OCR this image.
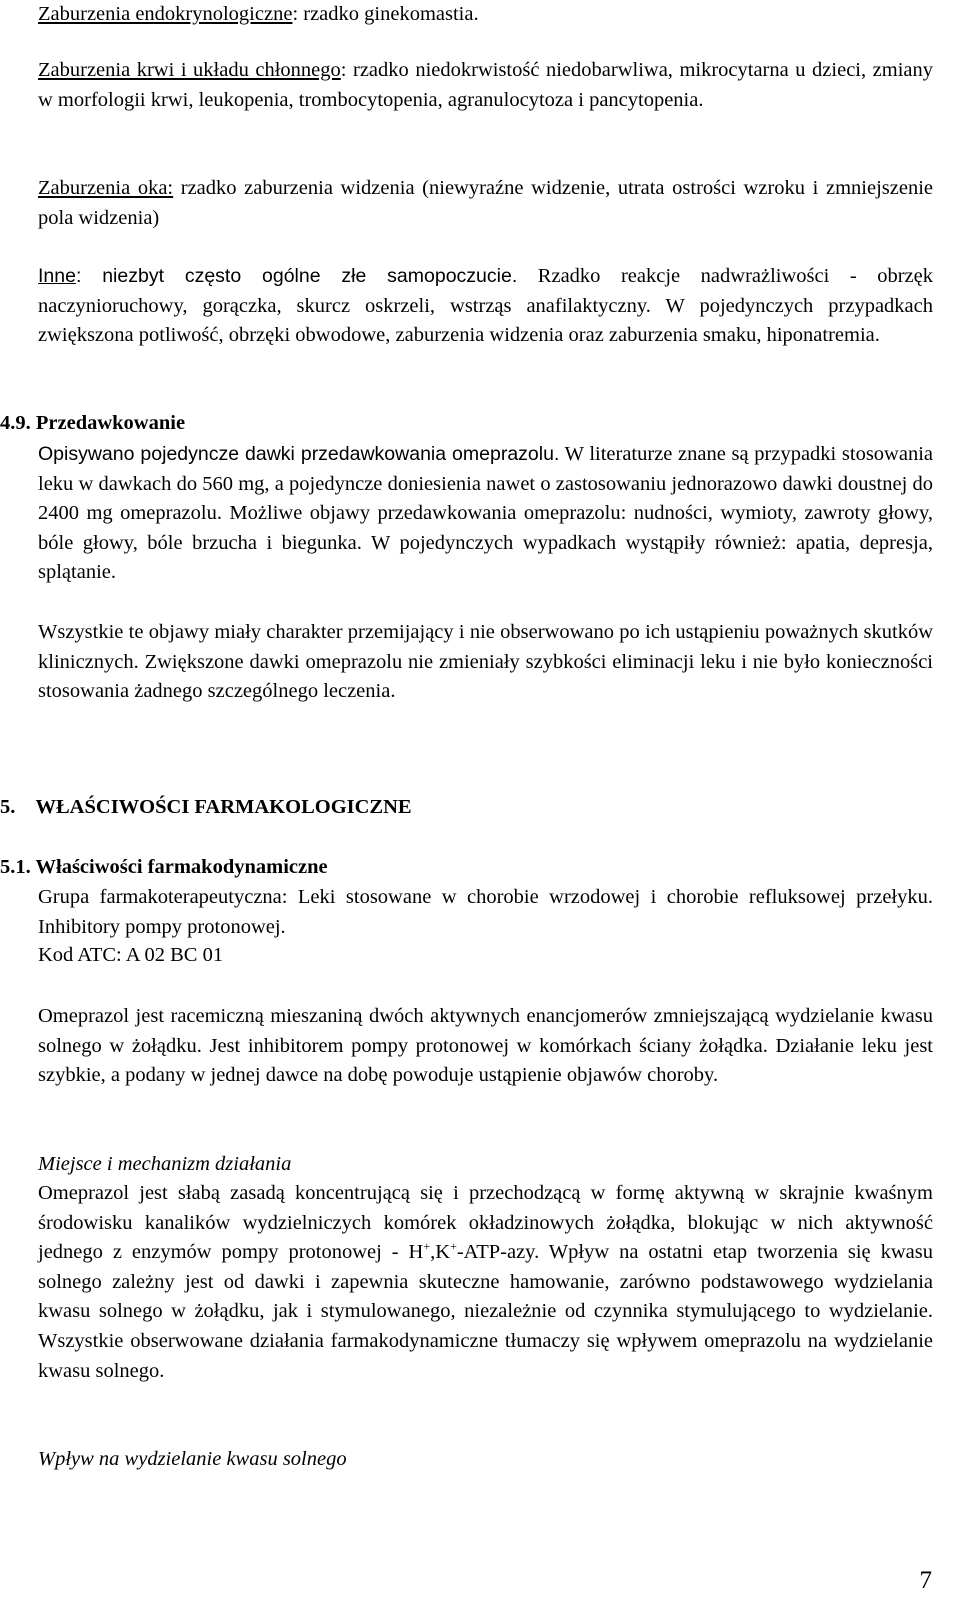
Zaburzenia endokrynologiczne: rzadko ginekomastia.
Zaburzenia krwi i układu chłonnego: rzadko niedokrwistość niedobarwliwa, mikrocytarna u dzieci, zmiany w morfologii krwi, leukopenia, trombocytopenia, agranulocytoza i pancytopenia.
Zaburzenia oka: rzadko zaburzenia widzenia (niewyraźne widzenie, utrata ostrości wzroku i zmniejszenie pola widzenia)
Inne: niezbyt często ogólne złe samopoczucie. Rzadko reakcje nadwrażliwości - obrzęk naczynioruchowy, gorączka, skurcz oskrzeli, wstrząs anafilaktyczny. W pojedynczych przypadkach zwiększona potliwość, obrzęki obwodowe, zaburzenia widzenia oraz zaburzenia smaku, hiponatremia.
4.9. Przedawkowanie
Opisywano pojedyncze dawki przedawkowania omeprazolu. W literaturze znane są przypadki stosowania leku w dawkach do 560 mg, a pojedyncze doniesienia nawet o zastosowaniu jednorazowo dawki doustnej do 2400 mg omeprazolu. Możliwe objawy przedawkowania omeprazolu: nudności, wymioty, zawroty głowy, bóle głowy, bóle brzucha i biegunka. W pojedynczych wypadkach wystąpiły również: apatia, depresja, splątanie.
Wszystkie te objawy miały charakter przemijający i nie obserwowano po ich ustąpieniu poważnych skutków klinicznych. Zwiększone dawki omeprazolu nie zmieniały szybkości eliminacji leku i nie było konieczności stosowania żadnego szczególnego leczenia.
5.    WŁAŚCIWOŚCI FARMAKOLOGICZNE
5.1. Właściwości farmakodynamiczne
Grupa farmakoterapeutyczna: Leki stosowane w chorobie wrzodowej i chorobie refluksowej przełyku. Inhibitory pompy protonowej.
Kod ATC: A 02 BC 01
Omeprazol jest racemiczną mieszaniną dwóch aktywnych enancjomerów zmniejszającą wydzielanie kwasu solnego w żołądku. Jest inhibitorem pompy protonowej w komórkach ściany żołądka. Działanie leku jest szybkie, a podany w jednej dawce na dobę powoduje ustąpienie objawów choroby.
Miejsce i mechanizm działania
Omeprazol jest słabą zasadą koncentrującą się i przechodzącą w formę aktywną w skrajnie kwaśnym środowisku kanalików wydzielniczych komórek okładzinowych żołądka, blokując w nich aktywność jednego z enzymów pompy protonowej - H+,K+-ATP-azy. Wpływ na ostatni etap tworzenia się kwasu solnego zależny jest od dawki i zapewnia skuteczne hamowanie, zarówno podstawowego wydzielania kwasu solnego w żołądku, jak i stymulowanego, niezależnie od czynnika stymulującego to wydzielanie. Wszystkie obserwowane działania farmakodynamiczne tłumaczy się wpływem omeprazolu na wydzielanie kwasu solnego.
Wpływ na wydzielanie kwasu solnego
7
